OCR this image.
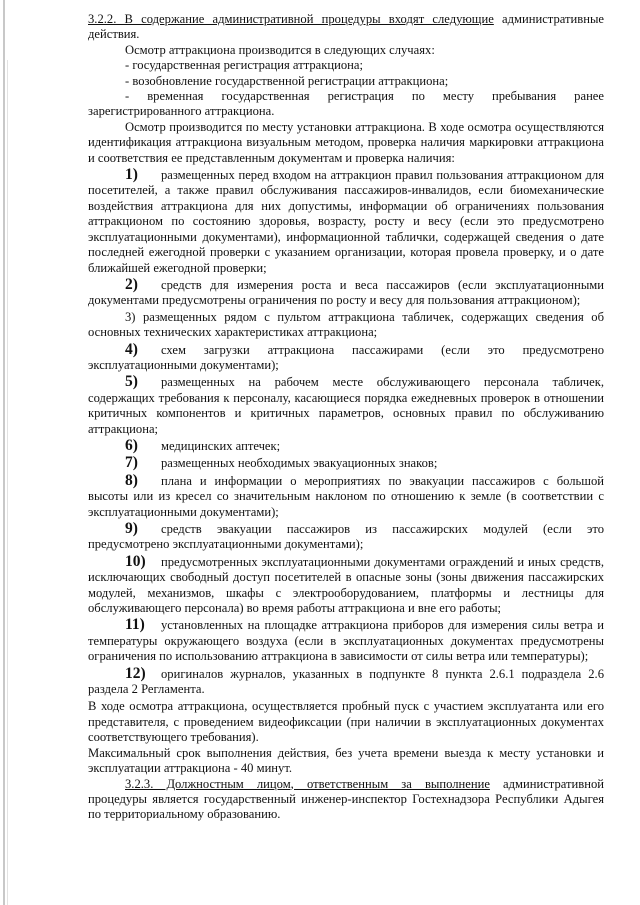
3.2.2. В содержание административной процедуры входят следующие административные действия.

Осмотр аттракциона производится в следующих случаях:

- государственная регистрация аттракциона;

- возобновление государственной регистрации аттракциона;

- временная государственная регистрация по месту пребывания ранее зарегистрированного аттракциона.

Осмотр производится по месту установки аттракциона. В ходе осмотра осуществляются идентификация аттракциона визуальным методом, проверка наличия маркировки аттракциона и соответствия ее представленным документам и проверка наличия:

1) размещенных перед входом на аттракцион правил пользования аттракционом для посетителей, а также правил обслуживания пассажиров-инвалидов, если биомеханические воздействия аттракциона для них допустимы, информации об ограничениях пользования аттракционом по состоянию здоровья, возрасту, росту и весу (если это предусмотрено эксплуатационными документами), информационной таблички, содержащей сведения о дате последней ежегодной проверки с указанием организации, которая провела проверку, и о дате ближайшей ежегодной проверки;

2) средств для измерения роста и веса пассажиров (если эксплуатационными документами предусмотрены ограничения по росту и весу для пользования аттракционом);

3) размещенных рядом с пультом аттракциона табличек, содержащих сведения об основных технических характеристиках аттракциона;

4) схем загрузки аттракциона пассажирами (если это предусмотрено эксплуатационными документами);

5) размещенных на рабочем месте обслуживающего персонала табличек, содержащих требования к персоналу, касающиеся порядка ежедневных проверок в отношении критичных компонентов и критичных параметров, основных правил по обслуживанию аттракциона;

6) медицинских аптечек;

7) размещенных необходимых эвакуационных знаков;

8) плана и информации о мероприятиях по эвакуации пассажиров с большой высоты или из кресел со значительным наклоном по отношению к земле (в соответствии с эксплуатационными документами);

9) средств эвакуации пассажиров из пассажирских модулей (если это предусмотрено эксплуатационными документами);

10) предусмотренных эксплуатационными документами ограждений и иных средств, исключающих свободный доступ посетителей в опасные зоны (зоны движения пассажирских модулей, механизмов, шкафы с электрооборудованием, платформы и лестницы для обслуживающего персонала) во время работы аттракциона и вне его работы;

11) установленных на площадке аттракциона приборов для измерения силы ветра и температуры окружающего воздуха (если в эксплуатационных документах предусмотрены ограничения по использованию аттракциона в зависимости от силы ветра или температуры);

12) оригиналов журналов, указанных в подпункте 8 пункта 2.6.1 подраздела 2.6 раздела 2 Регламента.

В ходе осмотра аттракциона, осуществляется пробный пуск с участием эксплуатанта или его представителя, с проведением видеофиксации (при наличии в эксплуатационных документах соответствующего требования).

Максимальный срок выполнения действия, без учета времени выезда к месту установки и эксплуатации аттракциона - 40 минут.

3.2.3. Должностным лицом, ответственным за выполнение административной процедуры является государственный инженер-инспектор Гостехнадзора Республики Адыгея по территориальному образованию.
